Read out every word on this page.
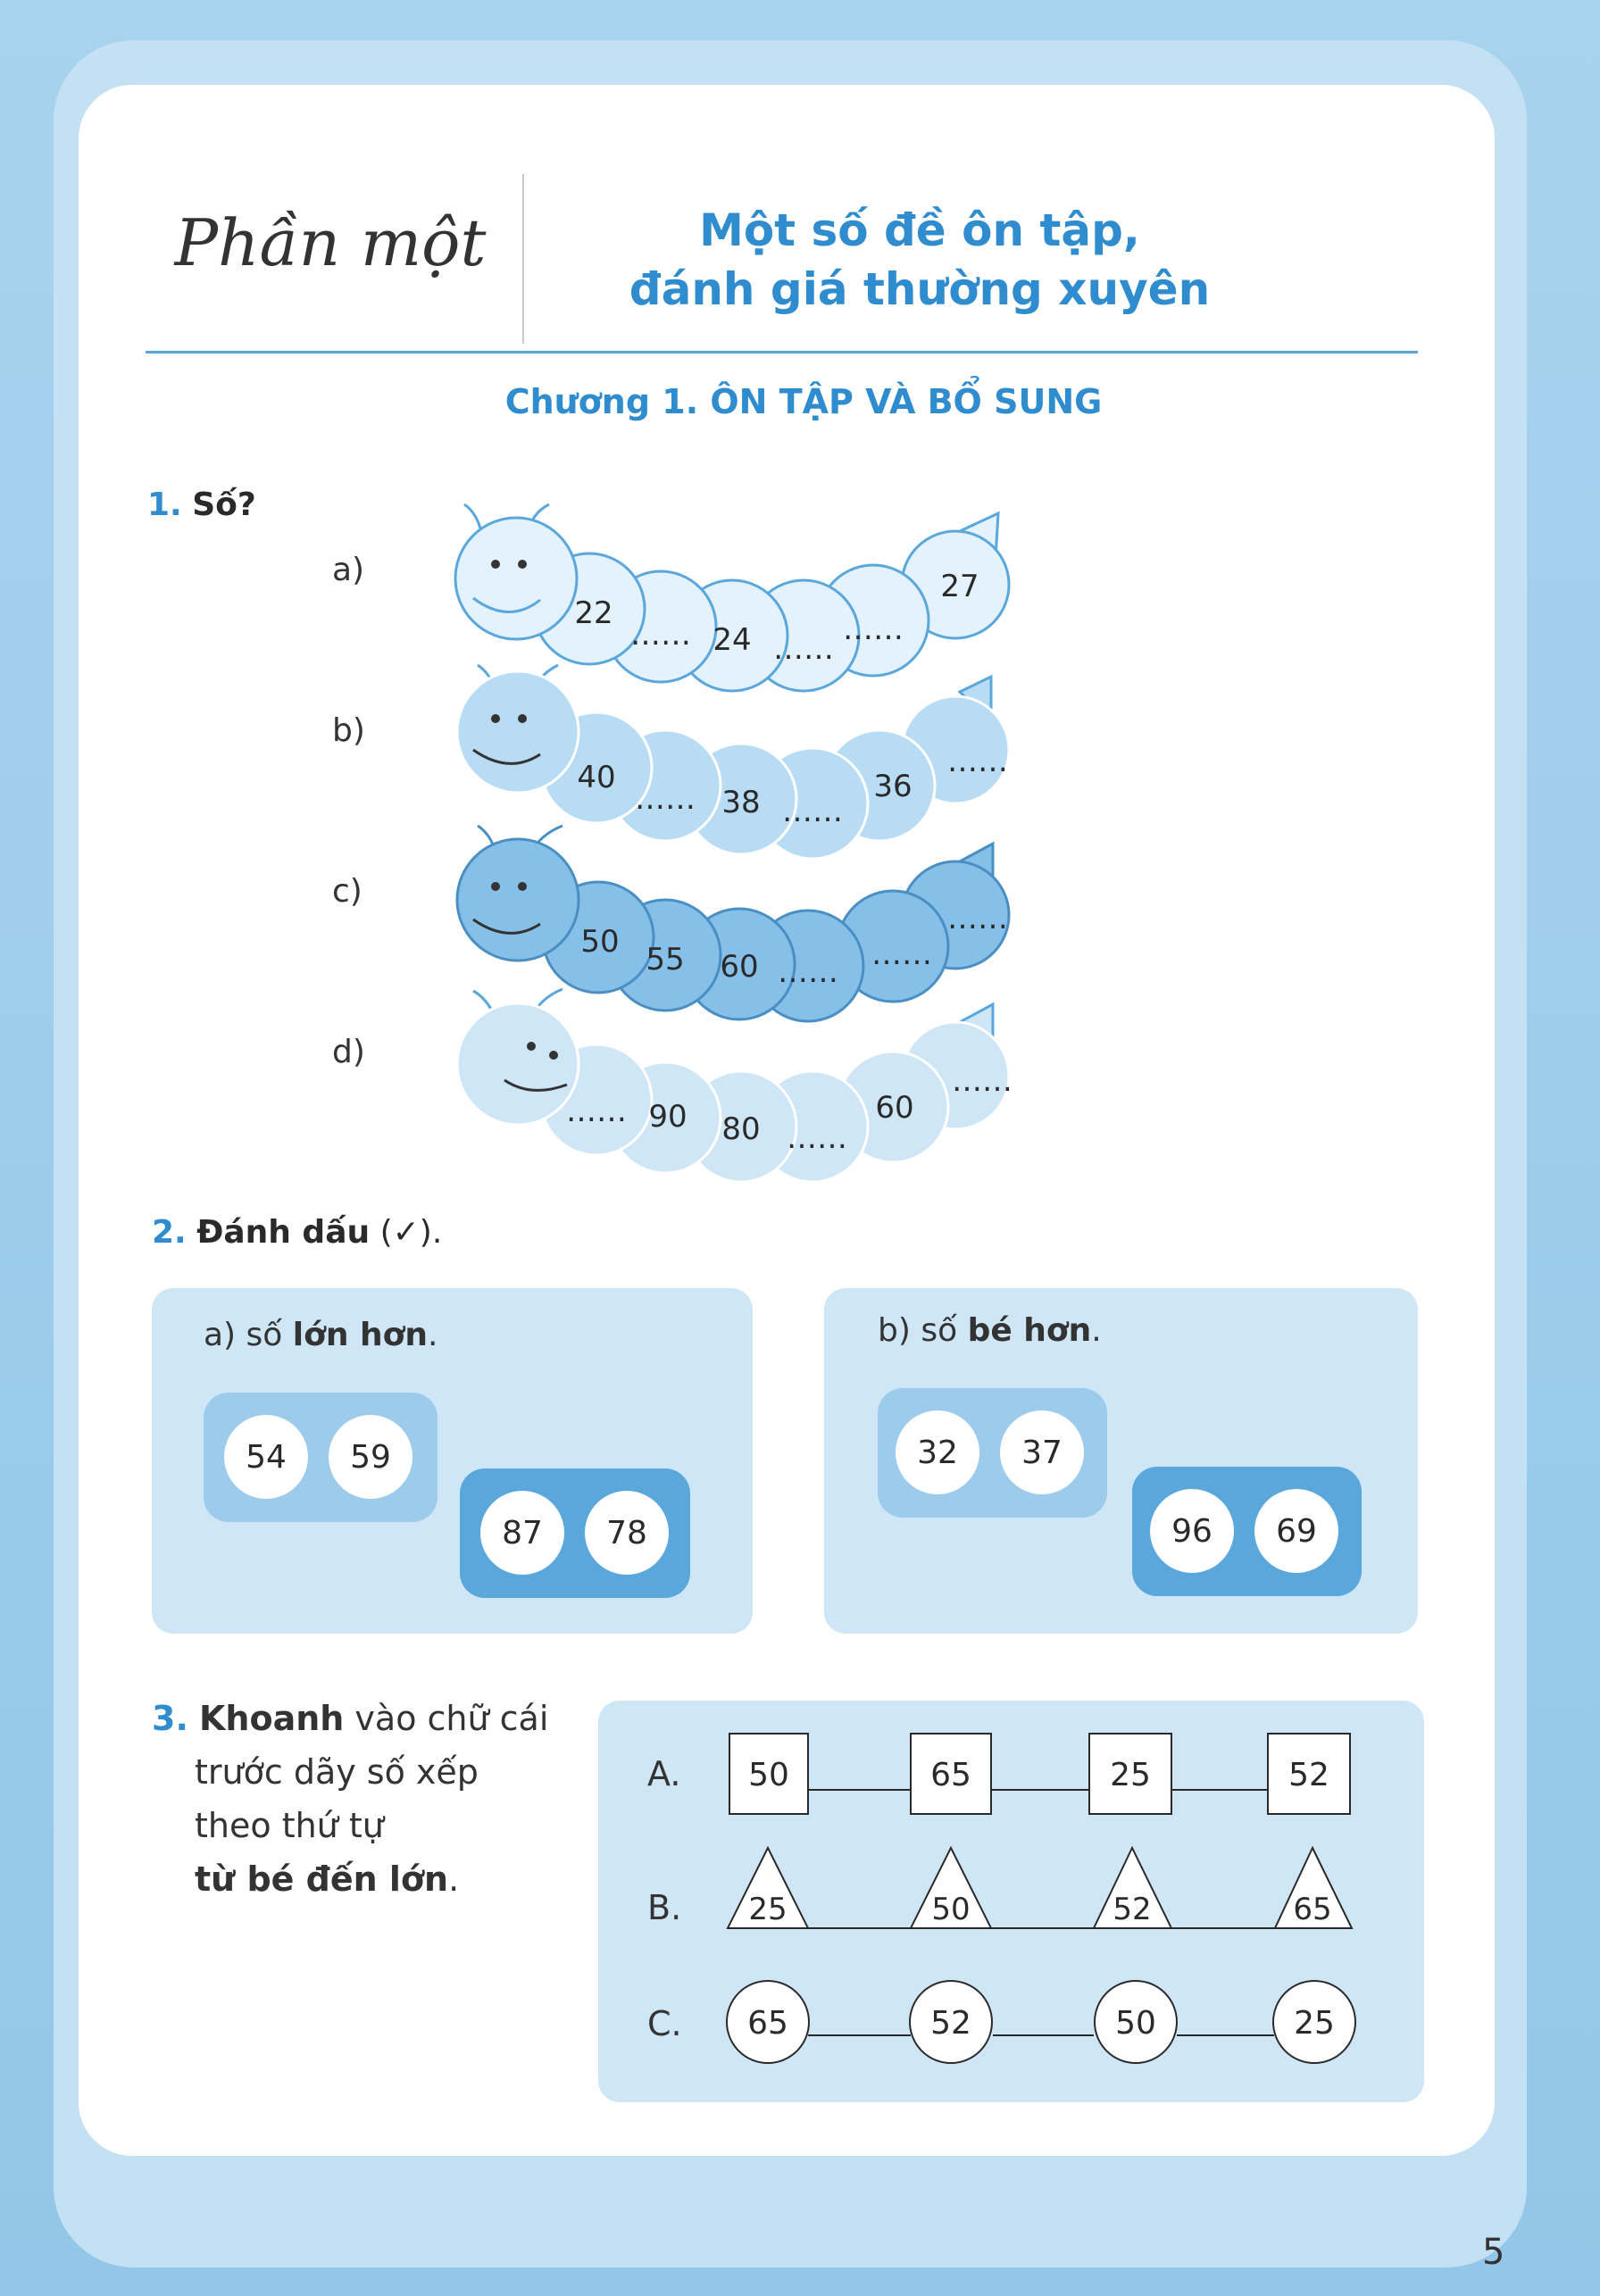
Phần một	Một số đề ôn tập,
đánh giá thường xuyên
Chương 1. ÔN TẬP VÀ BỔ SUNG
1. Số?
a)
b)
c)
d)
22
…… 24 ……
……
27
40
…… 38 ……
36
……
50 55 60 …… ……
……
…… 90 80 ……
60
……
2. Đánh dấu (✓).
a) số lớn hơn.
54	59
87	78
b) số bé hơn.
32	37
96	69
3. Khoanh vào chữ cái
trước dãy số xếp
theo thứ tự
từ bé đến lớn.
A.
B.
C.
50	65	25	52
25	50	52	65
65	52	50	25
5
